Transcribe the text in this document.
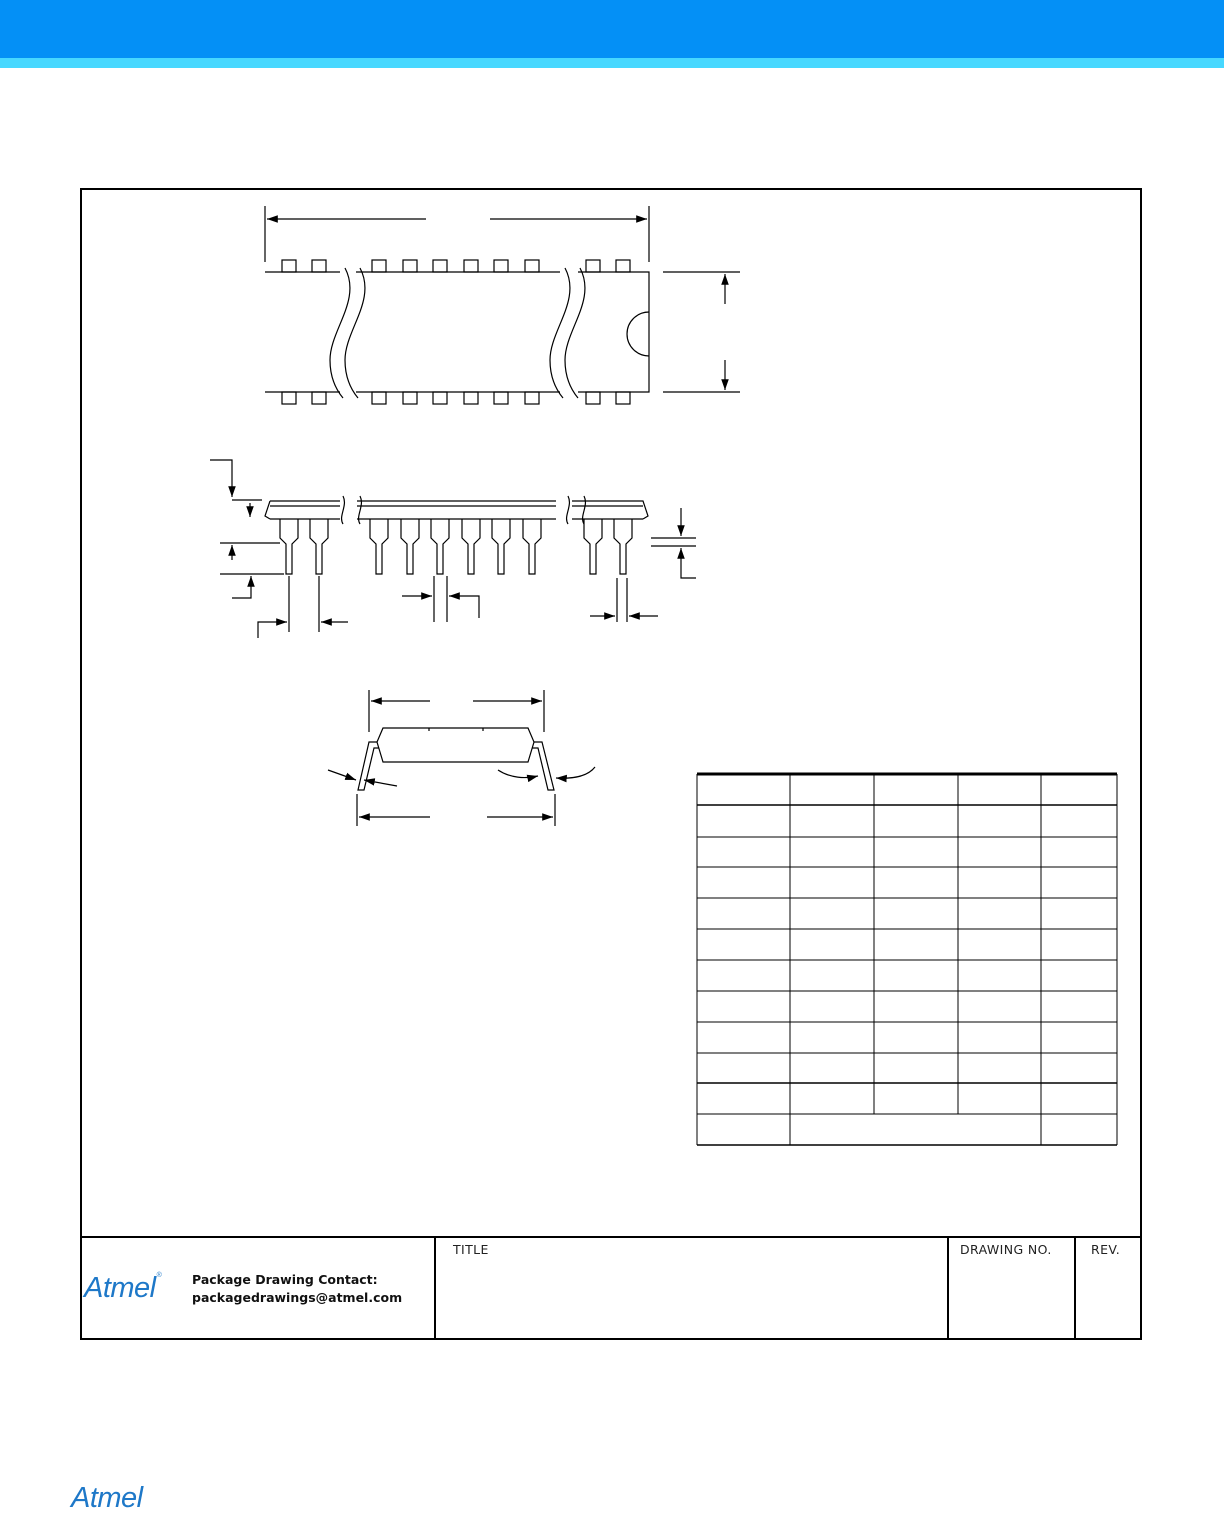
Atmel® Package Drawing Contact:
packagedrawings@atmel.com
TITLE	DRAWING NO.	REV.
Atmel
